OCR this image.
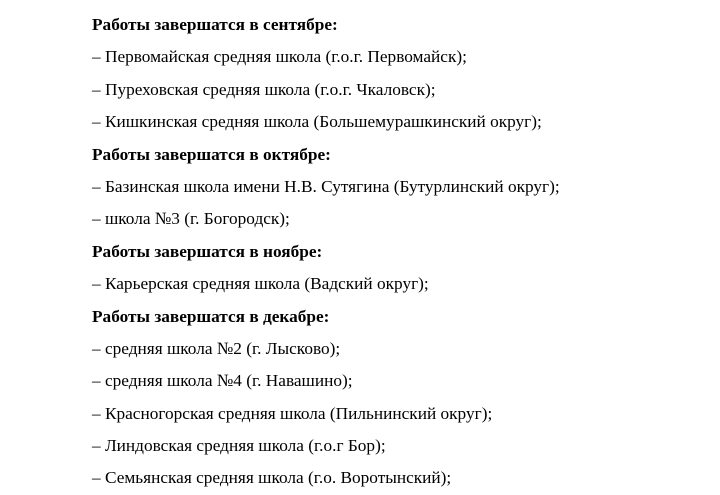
Работы завершатся в сентябре:
– Первомайская средняя школа (г.о.г. Первомайск);
– Пуреховская средняя школа (г.о.г. Чкаловск);
– Кишкинская средняя школа (Большемурашкинский округ);
Работы завершатся в октябре:
– Базинская школа имени Н.В. Сутягина (Бутурлинский округ);
– школа №3 (г. Богородск);
Работы завершатся в ноябре:
– Карьерская средняя школа (Вадский округ);
Работы завершатся в декабре:
– средняя школа №2 (г. Лысково);
– средняя школа №4 (г. Навашино);
– Красногорская средняя школа (Пильнинский округ);
– Линдовская средняя школа (г.о.г Бор);
– Семьянская средняя школа (г.о. Воротынский);
